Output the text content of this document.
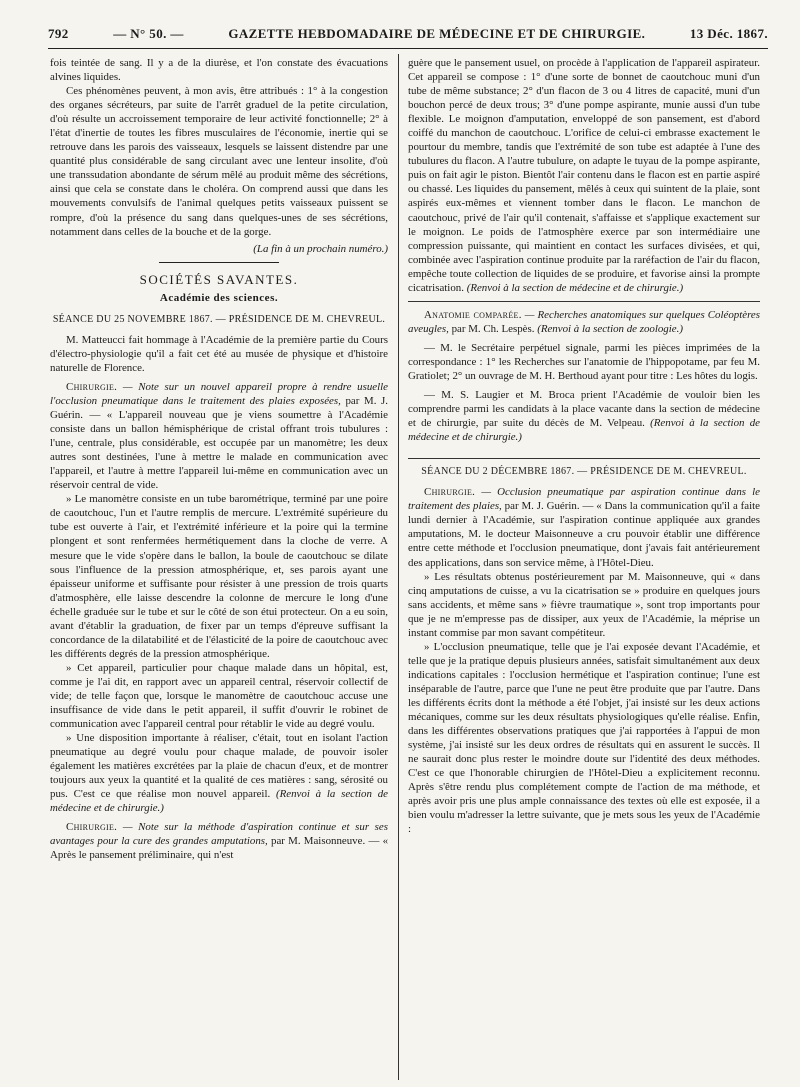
792	— N° 50. —	GAZETTE HEBDOMADAIRE DE MÉDECINE ET DE CHIRURGIE.	13 Déc. 1867.

fois teintée de sang. Il y a de la diurèse, et l'on constate des évacuations alvines liquides.

Ces phénomènes peuvent, à mon avis, être attribués : 1° à la congestion des organes sécréteurs, par suite de l'arrêt graduel de la petite circulation, d'où résulte un accroissement temporaire de leur activité fonctionnelle; 2° à l'état d'inertie de toutes les fibres musculaires de l'économie, inertie qui se retrouve dans les parois des vaisseaux, lesquels se laissent distendre par une quantité plus considérable de sang circulant avec une lenteur insolite, d'où une transsudation abondante de sérum mêlé au produit même des sécrétions, ainsi que cela se constate dans le choléra. On comprend aussi que dans les mouvements convulsifs de l'animal quelques petits vaisseaux puissent se rompre, d'où la présence du sang dans quelques-unes de ses sécrétions, notamment dans celles de la bouche et de la gorge.

(La fin à un prochain numéro.)

SOCIÉTÉS SAVANTES.
Académie des sciences.
SÉANCE DU 25 NOVEMBRE 1867. — PRÉSIDENCE DE M. CHEVREUL.

M. Matteucci fait hommage à l'Académie de la première partie du Cours d'électro-physiologie qu'il a fait cet été au musée de physique et d'histoire naturelle de Florence.

Chirurgie. — Note sur un nouvel appareil propre à rendre usuelle l'occlusion pneumatique dans le traitement des plaies exposées, par M. J. Guérin. — « L'appareil nouveau que je viens soumettre à l'Académie consiste dans un ballon hémisphérique de cristal offrant trois tubulures : l'une, centrale, plus considérable, est occupée par un manomètre; les deux autres sont destinées, l'une à mettre le malade en communication avec l'appareil, et l'autre à mettre l'appareil lui-même en communication avec un réservoir central de vide.

» Le manomètre consiste en un tube barométrique, terminé par une poire de caoutchouc, l'un et l'autre remplis de mercure. L'extrémité supérieure du tube est ouverte à l'air, et l'extrémité inférieure et la poire qui la termine plongent et sont renfermées hermétiquement dans la cloche de verre. A mesure que le vide s'opère dans le ballon, la boule de caoutchouc se dilate sous l'influence de la pression atmosphérique, et, ses parois ayant une épaisseur uniforme et suffisante pour résister à une pression de trois quarts d'atmosphère, elle laisse descendre la colonne de mercure le long d'une échelle graduée sur le tube et sur le côté de son étui protecteur. On a eu soin, avant d'établir la graduation, de fixer par un temps d'épreuve suffisant la concordance de la dilatabilité et de l'élasticité de la poire de caoutchouc avec les différents degrés de la pression atmosphérique.

» Cet appareil, particulier pour chaque malade dans un hôpital, est, comme je l'ai dit, en rapport avec un appareil central, réservoir collectif de vide; de telle façon que, lorsque le manomètre de caoutchouc accuse une insuffisance de vide dans le petit appareil, il suffit d'ouvrir le robinet de communication avec l'appareil central pour rétablir le vide au degré voulu.

» Une disposition importante à réaliser, c'était, tout en isolant l'action pneumatique au degré voulu pour chaque malade, de pouvoir isoler également les matières excrétées par la plaie de chacun d'eux, et de montrer toujours aux yeux la quantité et la qualité de ces matières : sang, sérosité ou pus. C'est ce que réalise mon nouvel appareil. (Renvoi à la section de médecine et de chirurgie.)

Chirurgie. — Note sur la méthode d'aspiration continue et sur ses avantages pour la cure des grandes amputations, par M. Maisonneuve. — « Après le pansement préliminaire, qui n'est

guère que le pansement usuel, on procède à l'application de l'appareil aspirateur. Cet appareil se compose : 1° d'une sorte de bonnet de caoutchouc muni d'un tube de même substance; 2° d'un flacon de 3 ou 4 litres de capacité, muni d'un bouchon percé de deux trous; 3° d'une pompe aspirante, munie aussi d'un tube flexible. Le moignon d'amputation, enveloppé de son pansement, est d'abord coiffé du manchon de caoutchouc. L'orifice de celui-ci embrasse exactement le pourtour du membre, tandis que l'extrémité de son tube est adaptée à l'une des tubulures du flacon. A l'autre tubulure, on adapte le tuyau de la pompe aspirante, puis on fait agir le piston. Bientôt l'air contenu dans le flacon est en partie aspiré ou chassé. Les liquides du pansement, mêlés à ceux qui suintent de la plaie, sont aspirés eux-mêmes et viennent tomber dans le flacon. Le manchon de caoutchouc, privé de l'air qu'il contenait, s'affaisse et s'applique exactement sur le moignon. Le poids de l'atmosphère exerce par son intermédiaire une compression puissante, qui maintient en contact les surfaces divisées, et qui, combinée avec l'aspiration continue produite par la raréfaction de l'air du flacon, empêche toute collection de liquides de se produire, et favorise ainsi la prompte cicatrisation. (Renvoi à la section de médecine et de chirurgie.)

Anatomie comparée. — Recherches anatomiques sur quelques Coléoptères aveugles, par M. Ch. Lespès. (Renvoi à la section de zoologie.)

— M. le Secrétaire perpétuel signale, parmi les pièces imprimées de la correspondance : 1° les Recherches sur l'anatomie de l'hippopotame, par feu M. Gratiolet; 2° un ouvrage de M. H. Berthoud ayant pour titre : Les hôtes du logis.

— M. S. Laugier et M. Broca prient l'Académie de vouloir bien les comprendre parmi les candidats à la place vacante dans la section de médecine et de chirurgie, par suite du décès de M. Velpeau. (Renvoi à la section de médecine et de chirurgie.)

SÉANCE DU 2 DÉCEMBRE 1867. — PRÉSIDENCE DE M. CHEVREUL.

Chirurgie. — Occlusion pneumatique par aspiration continue dans le traitement des plaies, par M. J. Guérin. — « Dans la communication qu'il a faite lundi dernier à l'Académie, sur l'aspiration continue appliquée aux grandes amputations, M. le docteur Maisonneuve a cru pouvoir établir une différence entre cette méthode et l'occlusion pneumatique, dont j'avais fait antérieurement des applications, dans son service même, à l'Hôtel-Dieu.

» Les résultats obtenus postérieurement par M. Maisonneuve, qui « dans cinq amputations de cuisse, a vu la cicatrisation se » produire en quelques jours sans accidents, et même sans » fièvre traumatique », sont trop importants pour que je ne m'empresse pas de dissiper, aux yeux de l'Académie, la méprise un instant commise par mon savant compétiteur.

» L'occlusion pneumatique, telle que je l'ai exposée devant l'Académie, et telle que je la pratique depuis plusieurs années, satisfait simultanément aux deux indications capitales : l'occlusion hermétique et l'aspiration continue; l'une est inséparable de l'autre, parce que l'une ne peut être produite que par l'autre. Dans les différents écrits dont la méthode a été l'objet, j'ai insisté sur les deux actions mécaniques, comme sur les deux résultats physiologiques qu'elle réalise. Enfin, dans les différentes observations pratiques que j'ai rapportées à l'appui de mon système, j'ai insisté sur les deux ordres de résultats qui en assurent le succès. Il ne saurait donc plus rester le moindre doute sur l'identité des deux méthodes. C'est ce que l'honorable chirurgien de l'Hôtel-Dieu a explicitement reconnu. Après s'être rendu plus complétement compte de l'action de ma méthode, et après avoir pris une plus ample connaissance des textes où elle est exposée, il a bien voulu m'adresser la lettre suivante, que je mets sous les yeux de l'Académie :
